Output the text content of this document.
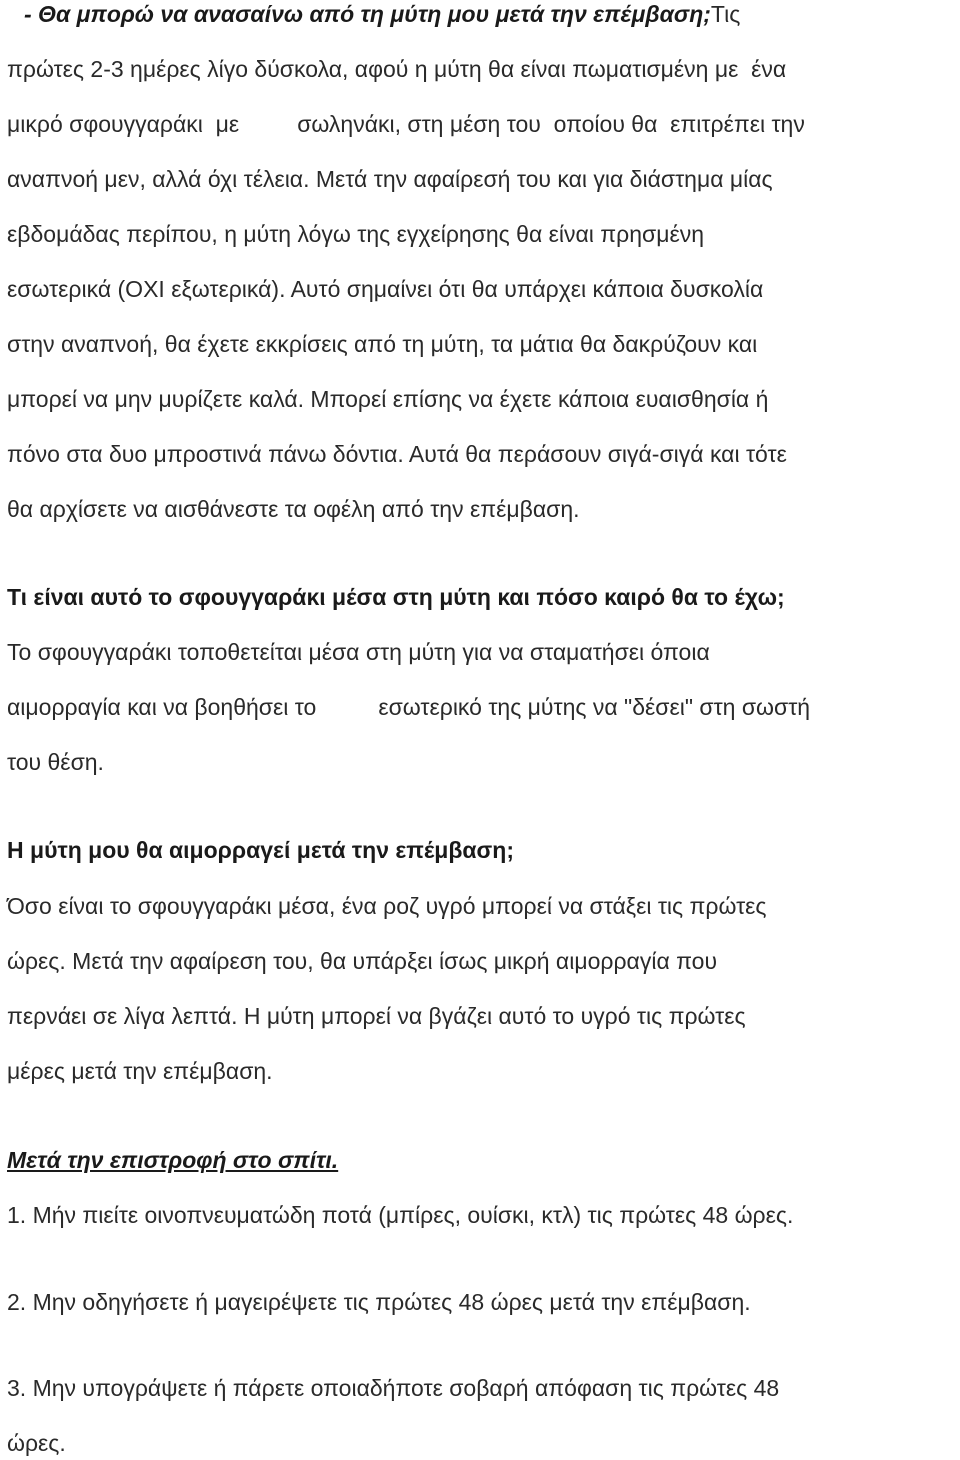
- Θα μπορώ να ανασαίνω από τη μύτη μου μετά την επέμβαση;Τις
πρώτες 2-3 ημέρες λίγο δύσκολα, αφού η μύτη θα είναι πωματισμένη με  ένα
μικρό σφουγγαράκι  με	σωληνάκι, στη μέση του  οποίου θα  επιτρέπει την
αναπνοή μεν, αλλά όχι τέλεια. Μετά την αφαίρεσή του και για διάστημα μίας
εβδομάδας περίπου, η μύτη λόγω της εγχείρησης θα είναι πρησμένη
εσωτερικά (ΟΧΙ εξωτερικά). Αυτό σημαίνει ότι θα υπάρχει κάποια δυσκολία
στην αναπνοή, θα έχετε εκκρίσεις από τη μύτη, τα μάτια θα δακρύζουν και
μπορεί να μην μυρίζετε καλά. Μπορεί επίσης να έχετε κάποια ευαισθησία ή
πόνο στα δυο μπροστινά πάνω δόντια. Αυτά θα περάσουν σιγά-σιγά και τότε
θα αρχίσετε να αισθάνεστε τα οφέλη από την επέμβαση.
Τι είναι αυτό το σφουγγαράκι μέσα στη μύτη και πόσο καιρό θα το έχω;
Το σφουγγαράκι τοποθετείται μέσα στη μύτη για να σταματήσει όποια
αιμορραγία και να βοηθήσει το	εσωτερικό της μύτης να "δέσει" στη σωστή
του θέση.
Η μύτη μου θα αιμορραγεί μετά την επέμβαση;
Όσο είναι το σφουγγαράκι μέσα, ένα ροζ υγρό μπορεί να στάξει τις πρώτες
ώρες. Μετά την αφαίρεση του, θα υπάρξει ίσως μικρή αιμορραγία που
περνάει σε λίγα λεπτά. Η μύτη μπορεί να βγάζει αυτό το υγρό τις πρώτες
μέρες μετά την επέμβαση.
Μετά την επιστροφή στο σπίτι.
1. Μήν πιείτε οινοπνευματώδη ποτά (μπίρες, ουίσκι, κτλ) τις πρώτες 48 ώρες.
2. Μην οδηγήσετε ή μαγειρέψετε τις πρώτες 48 ώρες μετά την επέμβαση.
3. Μην υπογράψετε ή πάρετε οποιαδήποτε σοβαρή απόφαση τις πρώτες 48
ώρες.
